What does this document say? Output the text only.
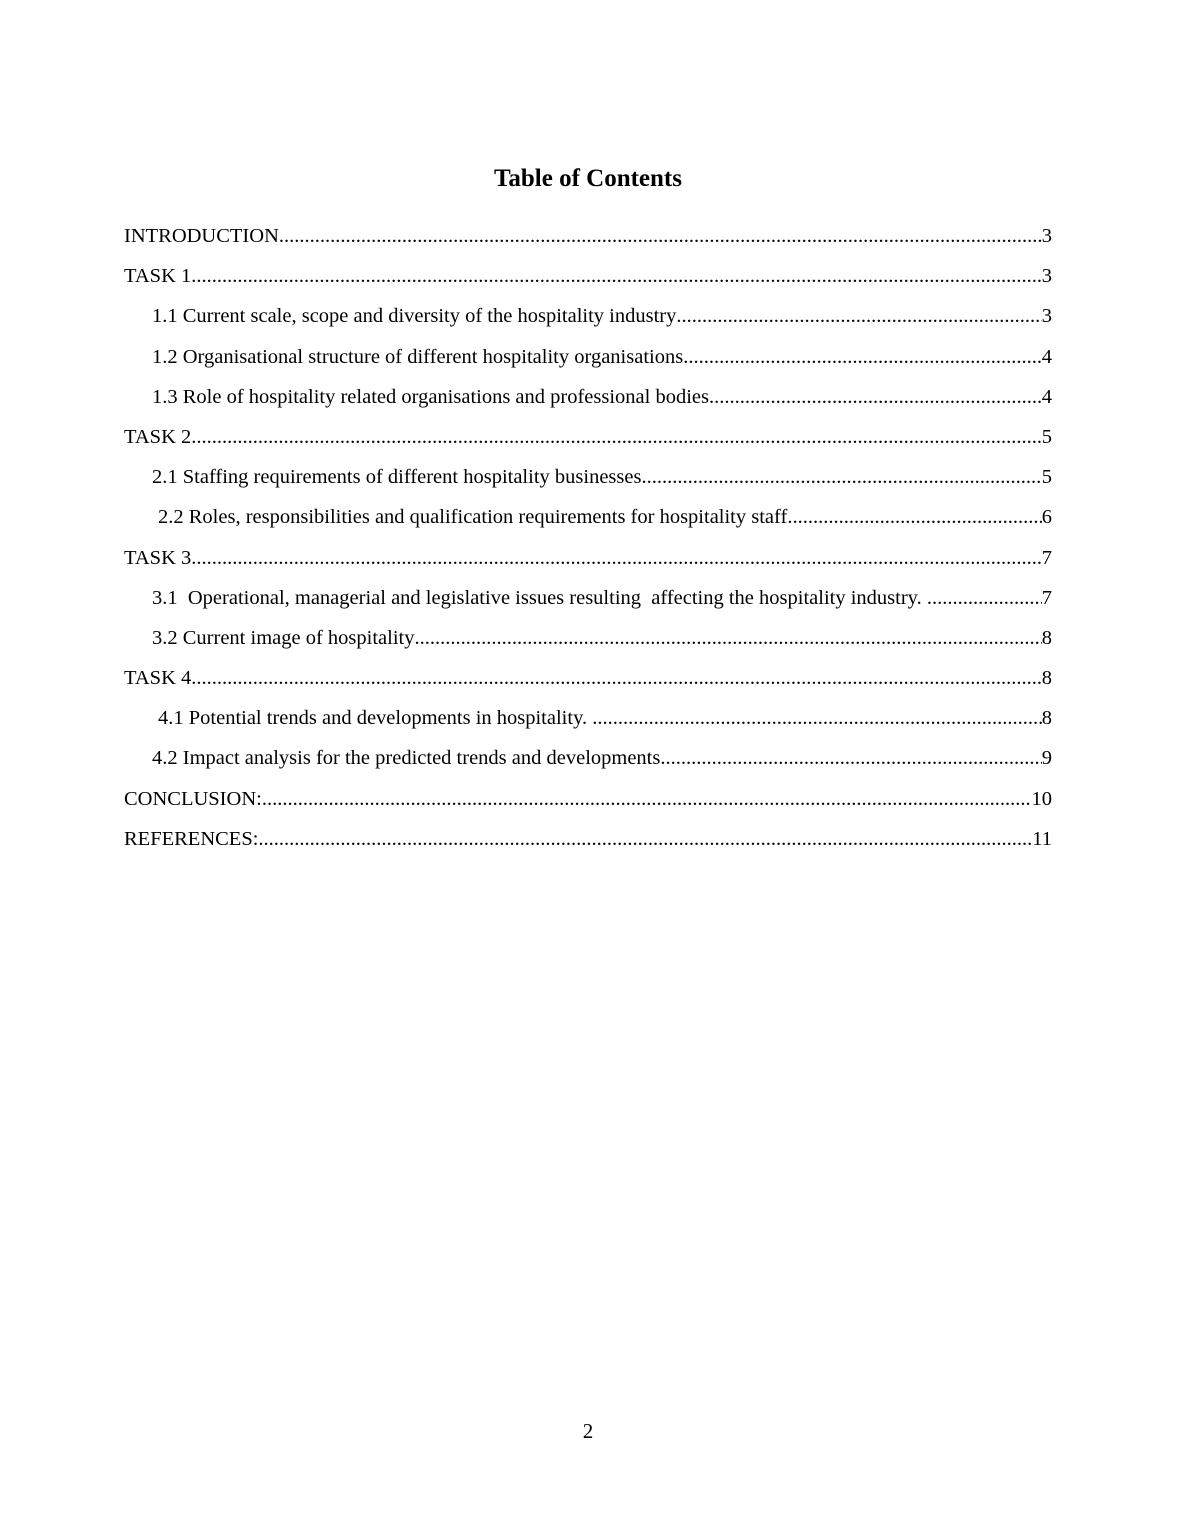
Table of Contents
INTRODUCTION .....	3
TASK 1 .....	3
1.1 Current scale, scope and diversity of the hospitality industry .....	3
1.2 Organisational structure of different hospitality organisations .....	4
1.3 Role of hospitality related organisations and professional bodies .....	4
TASK 2 .....	5
2.1 Staffing requirements of different hospitality businesses .....	5
2.2 Roles, responsibilities and qualification requirements for hospitality staff .....	6
TASK 3 .....	7
3.1  Operational, managerial and legislative issues resulting  affecting the hospitality industry. .....	7
3.2 Current image of hospitality .....	8
TASK 4 .....	8
4.1 Potential trends and developments in hospitality. .....	8
4.2 Impact analysis for the predicted trends and developments .....	9
CONCLUSION: .....	10
REFERENCES: .....	11
2
